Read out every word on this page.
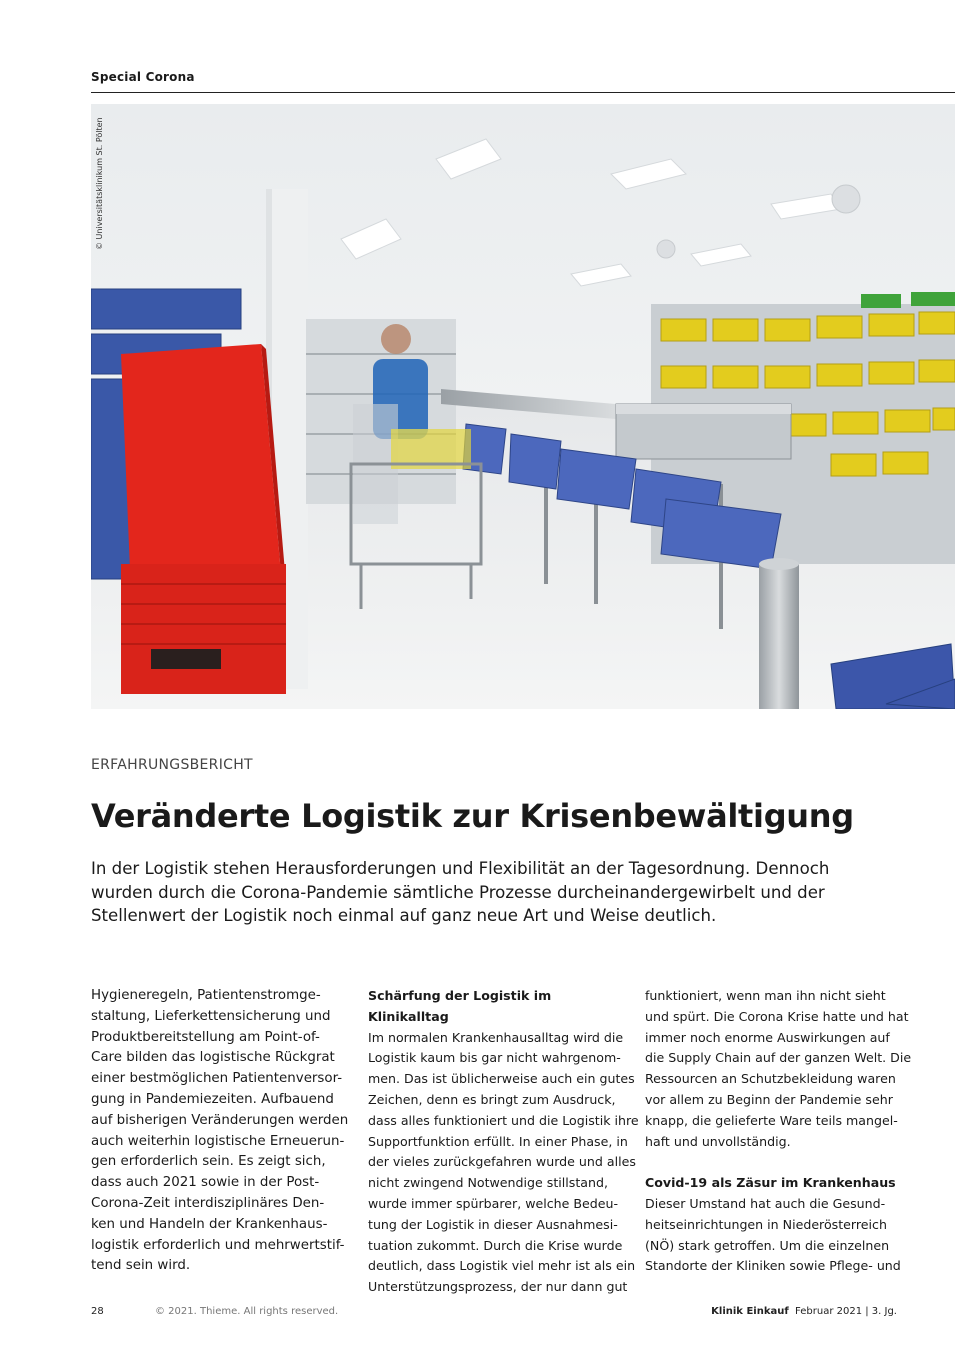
Special Corona
© Universitätsklinikum St. Pölten
ERFAHRUNGSBERICHT
Veränderte Logistik zur Krisenbewältigung

In der Logistik stehen Herausforderungen und Flexibilität an der Tagesordnung. Dennoch wurden durch die Corona-Pandemie sämtliche Prozesse durcheinandergewirbelt und der Stellenwert der Logistik noch einmal auf ganz neue Art und Weise deutlich.

Hygieneregeln, Patientenstromge-
staltung, Lieferkettensicherung und
Produktbereitstellung am Point-of-
Care bilden das logistische Rückgrat
einer bestmöglichen Patientenversor-
gung in Pandemiezeiten. Aufbauend
auf bisherigen Veränderungen werden
auch weiterhin logistische Erneuerun-
gen erforderlich sein. Es zeigt sich,
dass auch 2021 sowie in der Post-
Corona-Zeit interdisziplinäres Den-
ken und Handeln der Krankenhaus-
logistik erforderlich und mehrwertstif-
tend sein wird.

Schärfung der Logistik im Klinikalltag

Im normalen Krankenhausalltag wird die
Logistik kaum bis gar nicht wahrgenom-
men. Das ist üblicherweise auch ein gutes
Zeichen, denn es bringt zum Ausdruck,
dass alles funktioniert und die Logistik ihre
Supportfunktion erfüllt. In einer Phase, in
der vieles zurückgefahren wurde und alles
nicht zwingend Notwendige stillstand,
wurde immer spürbarer, welche Bedeu-
tung der Logistik in dieser Ausnahmesi-
tuation zukommt. Durch die Krise wurde
deutlich, dass Logistik viel mehr ist als ein
Unterstützungsprozess, der nur dann gut

funktioniert, wenn man ihn nicht sieht
und spürt. Die Corona Krise hatte und hat
immer noch enorme Auswirkungen auf
die Supply Chain auf der ganzen Welt. Die
Ressourcen an Schutzbekleidung waren
vor allem zu Beginn der Pandemie sehr
knapp, die gelieferte Ware teils mangel-
haft und unvollständig.

Covid-19 als Zäsur im Krankenhaus

Dieser Umstand hat auch die Gesund-
heitseinrichtungen in Niederösterreich
(NÖ) stark getroffen. Um die einzelnen
Standorte der Kliniken sowie Pflege- und

28	© 2021. Thieme. All rights reserved.	Klinik Einkauf Februar 2021 | 3. Jg.
